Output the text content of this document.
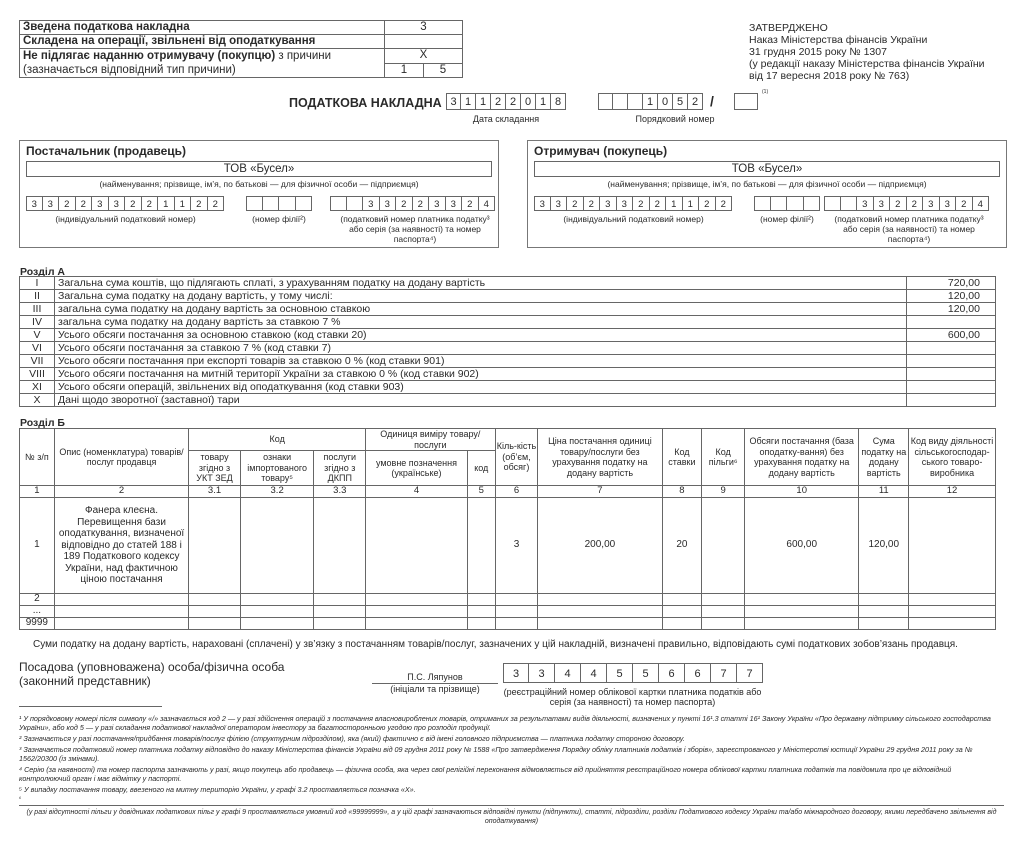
Зведена податкова накладна	3	
Складена на операції, звільнені від оподаткування		
Не підлягає наданню отримувачу (покупцю) з причини
(зазначається відповідний тип причини)	X	
	1	5
ЗАТВЕРДЖЕНО
Наказ Міністерства фінансів України
31 грудня 2015 року № 1307
(у редакції наказу Міністерства фінансів України
від 17 вересня 2018 року № 763)
ПОДАТКОВА НАКЛАДНА 3 1 1 2 2 0 1 8
Дата складання
1 0 5 2 /
(1)
Порядковий номер
Постачальник (продавець)
ТОВ «Бусел»
(найменування; прізвище, ім’я, по батькові — для фізичної особи — підприємця)
3	3	2	2	3	3	2	2	1	1	2	2
(індивідуальний податковий номер)	(номер філії²)
3	3	2	2	3	3	2	4
(податковий номер платника податку³ або серія (за наявності) та номер паспорта⁴)
Отримувач (покупець)
ТОВ «Бусел»
(найменування; прізвище, ім’я, по батькові — для фізичної особи — підприємця)
3	3	2	2	3	3	2	2	1	1	2	2
(індивідуальний податковий номер)	(номер філії²)
3	3	2	2	3	3	2	4
(податковий номер платника податку³ або серія (за наявності) та номер паспорта⁴)
Розділ А
I	Загальна сума коштів, що підлягають сплаті, з урахуванням податку на додану вартість	720,00
II	Загальна сума податку на додану вартість, у тому числі:	120,00
III	загальна сума податку на додану вартість за основною ставкою	120,00
IV	загальна сума податку на додану вартість за ставкою 7 %	
V	Усього обсяги постачання за основною ставкою (код ставки 20)	600,00
VI	Усього обсяги постачання за ставкою 7 % (код ставки 7)	
VII	Усього обсяги постачання при експорті товарів за ставкою 0 % (код ставки 901)	
VIII	Усього обсяги постачання на митній території України за ставкою 0 % (код ставки 902)	
XI	Усього обсяги операцій, звільнених від оподаткування (код ставки 903)	
X	Дані щодо зворотної (заставної) тари	
Розділ Б
№ з/п	Опис (номенклатура) товарів/послуг продавця	Код			Одиниця виміру товару/послуги		Кіль-кість (об’єм, обсяг)	Ціна постачання одиниці товару/послуги без урахування податку на додану вартість	Код ставки	Код пільги⁶	Обсяги постачання (база оподатку-вання) без урахування податку на додану вартість	Сума податку на додану вартість	Код виду діяльності сільськогосподар-ського товаро-виробника
		товару згідно з УКТ ЗЕД	ознаки імпортованого товару⁵	послуги згідно з ДКПП	умовне позначення (українське)	код							
1	2	3.1	3.2	3.3	4	5	6	7	8	9	10	11	12
1	Фанера клеєна. Перевищення бази оподаткування, визначеної відповідно до статей 188 і 189 Податкового кодексу України, над фактичною ціною постачання						3	200,00	20		600,00	120,00	
2													
...													
9999													
Суми податку на додану вартість, нараховані (сплачені) у зв’язку з постачанням товарів/послуг, зазначених у цій накладній, визначені правильно, відповідають сумі податкових зобов’язань продавця.
Посадова (уповноважена) особа/фізична особа
(законний представник)	П.С. Ляпунов
(ініціали та прізвище)
3	3	4	4	5	5	6	6	7	7
(реєстраційний номер облікової картки платника податків або серія (за наявності) та номер паспорта)

¹ У порядковому номері після символу «/» зазначається код 2 — у разі здійснення операцій з постачання власновироблених товарів, отриманих за результатами видів діяльності, визначених у пункті 16¹.3 статті 16¹ Закону України «Про державну підтримку сільського господарства України», або код 5 — у разі складання податкової накладної оператором інвестору за багатосторонньою угодою про розподіл продукції.

² Зазначається у разі постачання/придбання товарів/послуг філією (структурним підрозділом), яка (який) фактично є від імені головного підприємства — платника податку стороною договору.

³ Зазначається податковий номер платника податку відповідно до наказу Міністерства фінансів України від 09 грудня 2011 року № 1588 «Про затвердження Порядку обліку платників податків і зборів», зареєстрованого у Міністерстві юстиції України 29 грудня 2011 року за № 1562/20300 (із змінами).

⁴ Серію (за наявності) та номер паспорта зазначають у разі, якщо покупець або продавець — фізична особа, яка через свої релігійні переконання відмовляється від прийняття реєстраційного номера облікової картки платника податків та повідомила про це відповідний контролюючий орган і має відмітку у паспорті.

⁵ У випадку постачання товару, ввезеного на митну територію України, у графі 3.2 проставляється позначка «Х».

⁶

(у разі відсутності пільги у довідниках податкових пільг у графі 9 проставляється умовний код «99999999», а у цій графі зазначаються відповідні пункти (підпункти), статті, підрозділи, розділи Податкового кодексу України та/або міжнародного договору, якими передбачено звільнення від оподаткування)
